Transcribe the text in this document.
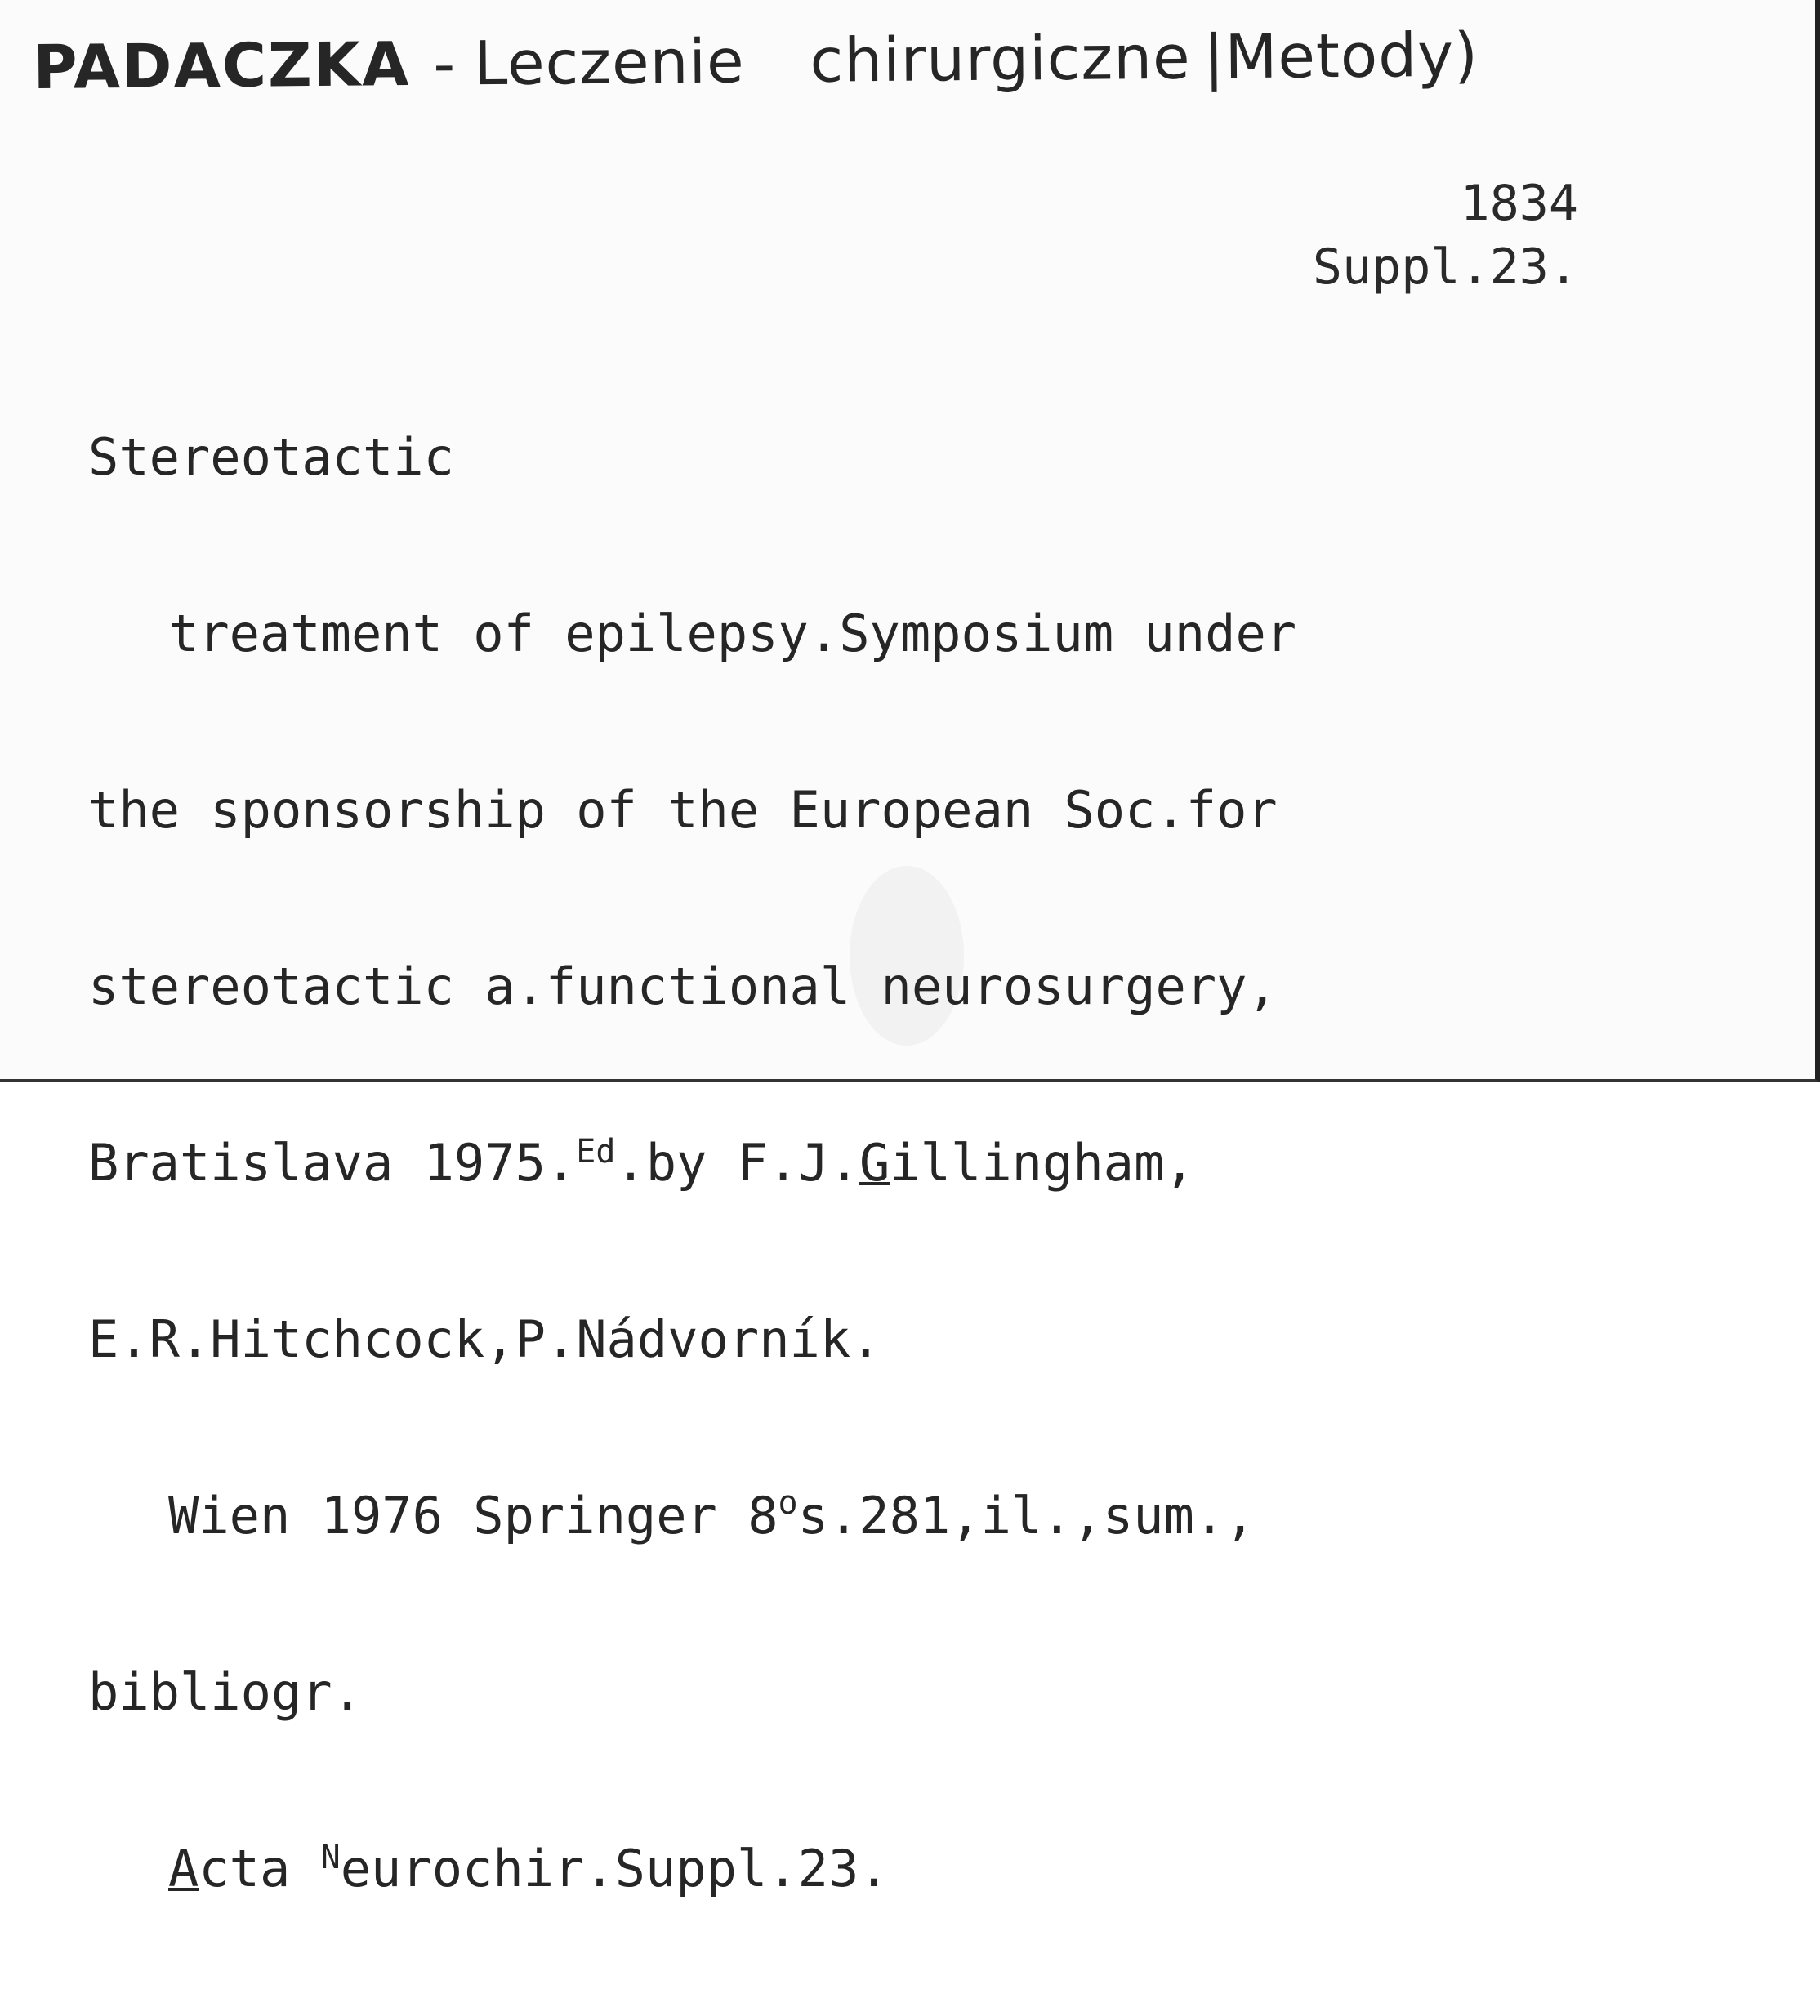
PADACZKA - Leczenie chirurgiczne |Metody)
1834
Suppl.23.

Stereotactic

treatment of epilepsy.Symposium under

the sponsorship of the European Soc.for

stereotactic a.functional neurosurgery,

Bratislava 1975.$^{Ed}$.by F.J.Gillingham,

E.R.Hitchcock,P.Nádvorník.

Wien 1976 Springer 8os.281,il.,sum.,

bibliogr.

Acta $^N$eurochir.Suppl.23.
